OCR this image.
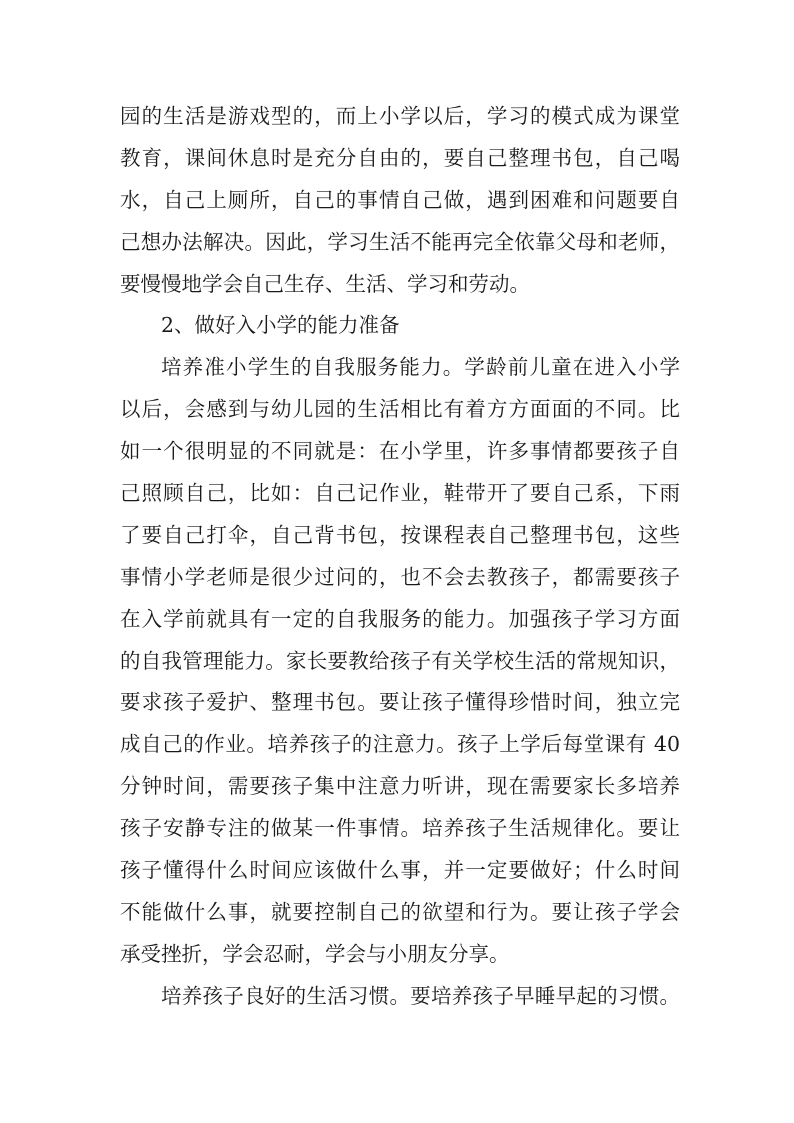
园的生活是游戏型的，而上小学以后，学习的模式成为课堂
教育，课间休息时是充分自由的，要自己整理书包，自己喝
水，自己上厕所，自己的事情自己做，遇到困难和问题要自
己想办法解决。因此，学习生活不能再完全依靠父母和老师，
要慢慢地学会自己生存、生活、学习和劳动。
2、做好入小学的能力准备
培养准小学生的自我服务能力。学龄前儿童在进入小学
以后，会感到与幼儿园的生活相比有着方方面面的不同。比
如一个很明显的不同就是：在小学里，许多事情都要孩子自
己照顾自己，比如：自己记作业，鞋带开了要自己系，下雨
了要自己打伞，自己背书包，按课程表自己整理书包，这些
事情小学老师是很少过问的，也不会去教孩子，都需要孩子
在入学前就具有一定的自我服务的能力。加强孩子学习方面
的自我管理能力。家长要教给孩子有关学校生活的常规知识，
要求孩子爱护、整理书包。要让孩子懂得珍惜时间，独立完
成自己的作业。培养孩子的注意力。孩子上学后每堂课有 40
分钟时间，需要孩子集中注意力听讲，现在需要家长多培养
孩子安静专注的做某一件事情。培养孩子生活规律化。要让
孩子懂得什么时间应该做什么事，并一定要做好；什么时间
不能做什么事，就要控制自己的欲望和行为。要让孩子学会
承受挫折，学会忍耐，学会与小朋友分享。
培养孩子良好的生活习惯。要培养孩子早睡早起的习惯。
